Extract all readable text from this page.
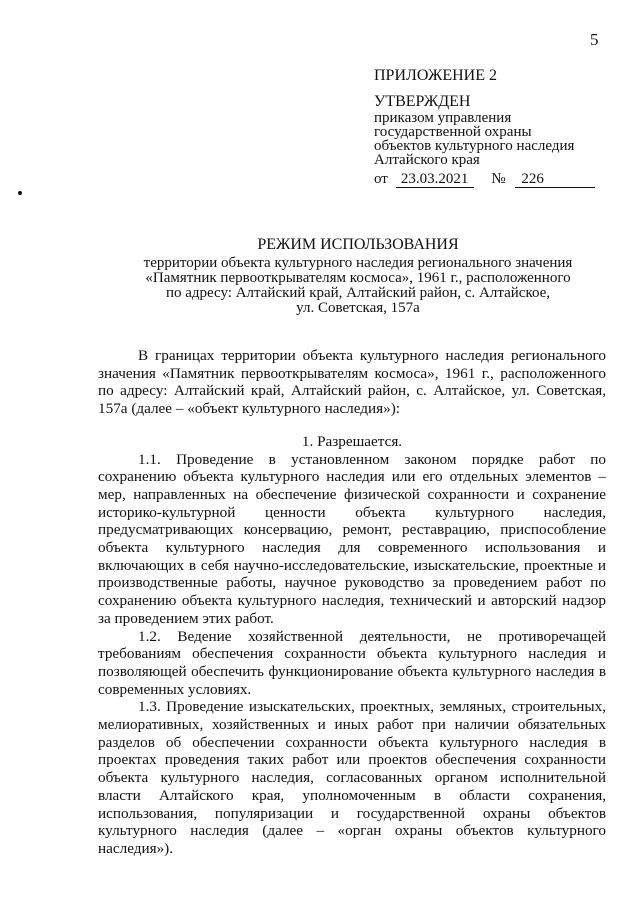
5
ПРИЛОЖЕНИЕ 2
УТВЕРЖДЕН
приказом управления
государственной охраны
объектов культурного наследия
Алтайского края
от 23.03.2021 № 226
РЕЖИМ ИСПОЛЬЗОВАНИЯ
территории объекта культурного наследия регионального значения
«Памятник первооткрывателям космоса», 1961 г., расположенного
по адресу: Алтайский край, Алтайский район, с. Алтайское,
ул. Советская, 157а

В границах территории объекта культурного наследия регионального значения «Памятник первооткрывателям космоса», 1961 г., расположенного по адресу: Алтайский край, Алтайский район, с. Алтайское, ул. Советская, 157а (далее – «объект культурного наследия»):

1. Разрешается.

1.1. Проведение в установленном законом порядке работ по сохранению объекта культурного наследия или его отдельных элементов – мер, направленных на обеспечение физической сохранности и сохранение историко-культурной ценности объекта культурного наследия, предусматривающих консервацию, ремонт, реставрацию, приспособление объекта культурного наследия для современного использования и включающих в себя научно-исследовательские, изыскательские, проектные и производственные работы, научное руководство за проведением работ по сохранению объекта культурного наследия, технический и авторский надзор за проведением этих работ.

1.2. Ведение хозяйственной деятельности, не противоречащей требованиям обеспечения сохранности объекта культурного наследия и позволяющей обеспечить функционирование объекта культурного наследия в современных условиях.

1.3. Проведение изыскательских, проектных, земляных, строительных, мелиоративных, хозяйственных и иных работ при наличии обязательных разделов об обеспечении сохранности объекта культурного наследия в проектах проведения таких работ или проектов обеспечения сохранности объекта культурного наследия, согласованных органом исполнительной власти Алтайского края, уполномоченным в области сохранения, использования, популяризации и государственной охраны объектов культурного наследия (далее – «орган охраны объектов культурного наследия»).
